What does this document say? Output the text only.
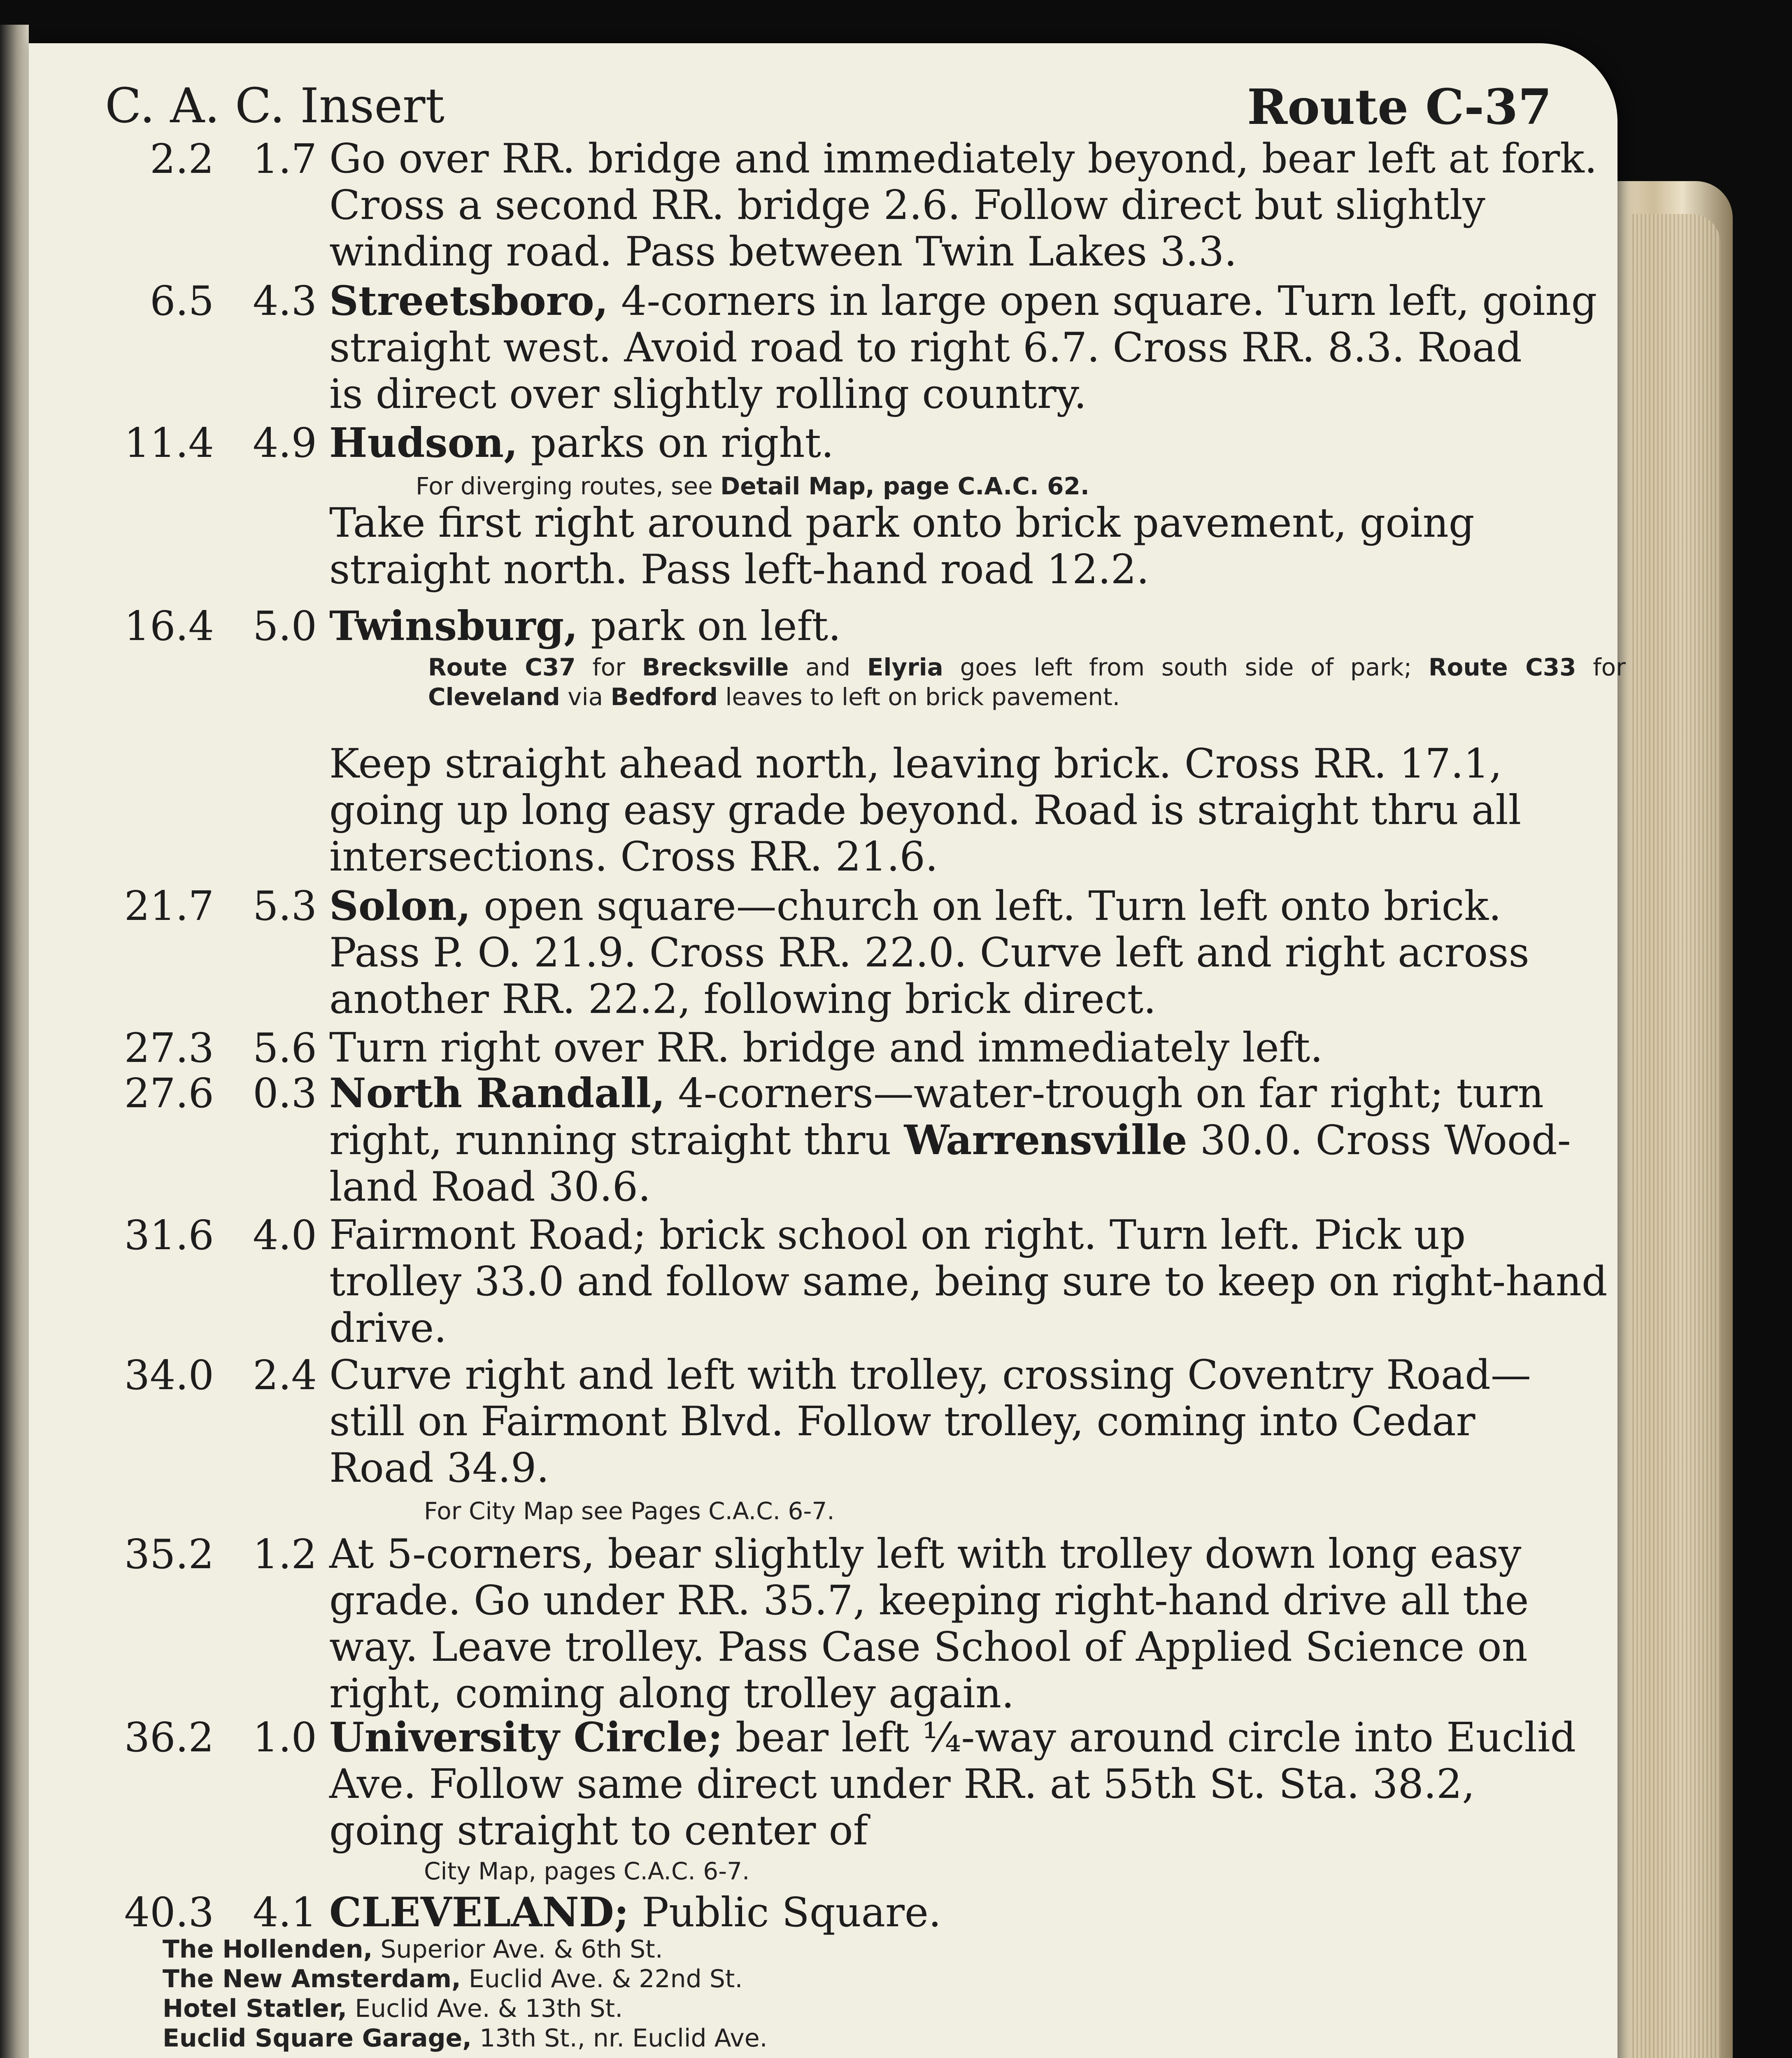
C. A. C. Insert	Route C-37
2.2 1.7 Go over RR. bridge and immediately beyond, bear left at fork.
Cross a second RR. bridge 2.6. Follow direct but slightly
winding road. Pass between Twin Lakes 3.3.
6.5 4.3 Streetsboro, 4-corners in large open square. Turn left, going
straight west. Avoid road to right 6.7. Cross RR. 8.3. Road
is direct over slightly rolling country.
11.4 4.9 Hudson, parks on right.
For diverging routes, see Detail Map, page C.A.C. 62.
Take first right around park onto brick pavement, going
straight north. Pass left-hand road 12.2.
16.4 5.0 Twinsburg, park on left.
Route C37 for Brecksville and Elyria goes left from south side of park; Route C33 for Cleveland via Bedford leaves to left on brick pavement.
Keep straight ahead north, leaving brick. Cross RR. 17.1,
going up long easy grade beyond. Road is straight thru all
intersections. Cross RR. 21.6.
21.7 5.3 Solon, open square—church on left. Turn left onto brick.
Pass P. O. 21.9. Cross RR. 22.0. Curve left and right across
another RR. 22.2, following brick direct.
27.3 5.6 Turn right over RR. bridge and immediately left.
27.6 0.3 North Randall, 4-corners—water-trough on far right; turn
right, running straight thru Warrensville 30.0. Cross Wood-
land Road 30.6.
31.6 4.0 Fairmont Road; brick school on right. Turn left. Pick up
trolley 33.0 and follow same, being sure to keep on right-hand
drive.
34.0 2.4 Curve right and left with trolley, crossing Coventry Road—
still on Fairmont Blvd. Follow trolley, coming into Cedar
Road 34.9.
For City Map see Pages C.A.C. 6-7.
35.2 1.2 At 5-corners, bear slightly left with trolley down long easy
grade. Go under RR. 35.7, keeping right-hand drive all the
way. Leave trolley. Pass Case School of Applied Science on
right, coming along trolley again.
36.2 1.0 University Circle; bear left ¼-way around circle into Euclid
Ave. Follow same direct under RR. at 55th St. Sta. 38.2,
going straight to center of
City Map, pages C.A.C. 6-7.
40.3 4.1 CLEVELAND; Public Square.
The Hollenden, Superior Ave. & 6th St.
The New Amsterdam, Euclid Ave. & 22nd St.
Hotel Statler, Euclid Ave. & 13th St.
Euclid Square Garage, 13th St., nr. Euclid Ave.
